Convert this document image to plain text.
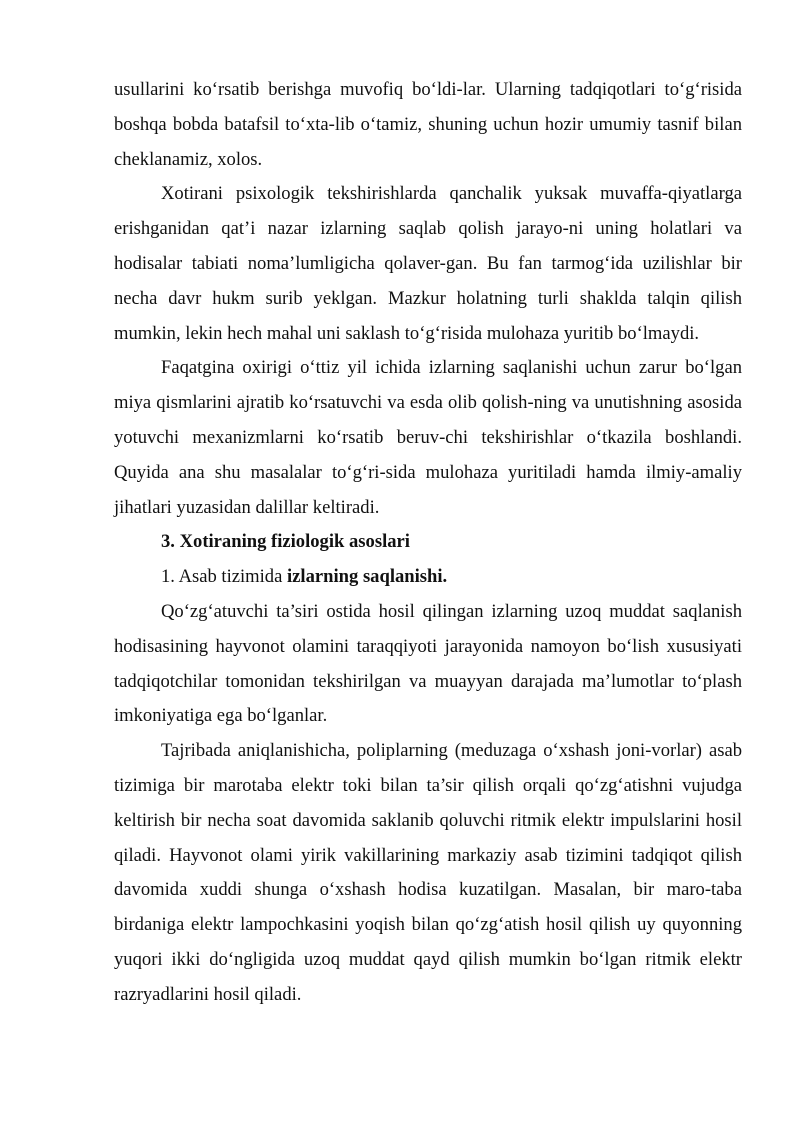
usullarini ko‘rsatib berishga muvofiq bo‘ldi-lar. Ularning tadqiqotlari to‘g‘risida boshqa bobda batafsil to‘xta-lib o‘tamiz, shuning uchun hozir umumiy tasnif bilan cheklanamiz, xolos.

Xotirani psixologik tekshirishlarda qanchalik yuksak muvaffa-qiyatlarga erishganidan qat’i nazar izlarning saqlab qolish jarayo-ni uning holatlari va hodisalar tabiati noma’lumligicha qolaver-gan. Bu fan tarmog‘ida uzilishlar bir necha davr hukm surib yeklgan. Mazkur holatning turli shaklda talqin qilish mumkin, lekin hech mahal uni saklash to‘g‘risida mulohaza yuritib bo‘lmaydi.

Faqatgina oxirigi o‘ttiz yil ichida izlarning saqlanishi uchun zarur bo‘lgan miya qismlarini ajratib ko‘rsatuvchi va esda olib qolish-ning va unutishning asosida yotuvchi mexanizmlarni ko‘rsatib beruv-chi tekshirishlar o‘tkazila boshlandi. Quyida ana shu masalalar to‘g‘ri-sida mulohaza yuritiladi hamda ilmiy-amaliy jihatlari yuzasidan dalillar keltiradi.

3. Xotiraning fiziologik asoslari

1. Asab tizimida izlarning saqlanishi.

Qo‘zg‘atuvchi ta’siri ostida hosil qilingan izlarning uzoq muddat saqlanish hodisasining hayvonot olamini taraqqiyoti jarayonida namoyon bo‘lish xususiyati tadqiqotchilar tomonidan tekshirilgan va muayyan darajada ma’lumotlar to‘plash imkoniyatiga ega bo‘lganlar.

Tajribada aniqlanishicha, poliplarning (meduzaga o‘xshash joni-vorlar) asab tizimiga bir marotaba elektr toki bilan ta’sir qilish orqali qo‘zg‘atishni vujudga keltirish bir necha soat davomida saklanib qoluvchi ritmik elektr impulslarini hosil qiladi. Hayvonot olami yirik vakillarining markaziy asab tizimini tadqiqot qilish davomida xuddi shunga o‘xshash hodisa kuzatilgan. Masalan, bir maro-taba birdaniga elektr lampochkasini yoqish bilan qo‘zg‘atish hosil qilish uy quyonning yuqori ikki do‘ngligida uzoq muddat qayd qilish mumkin bo‘lgan ritmik elektr razryadlarini hosil qiladi.
